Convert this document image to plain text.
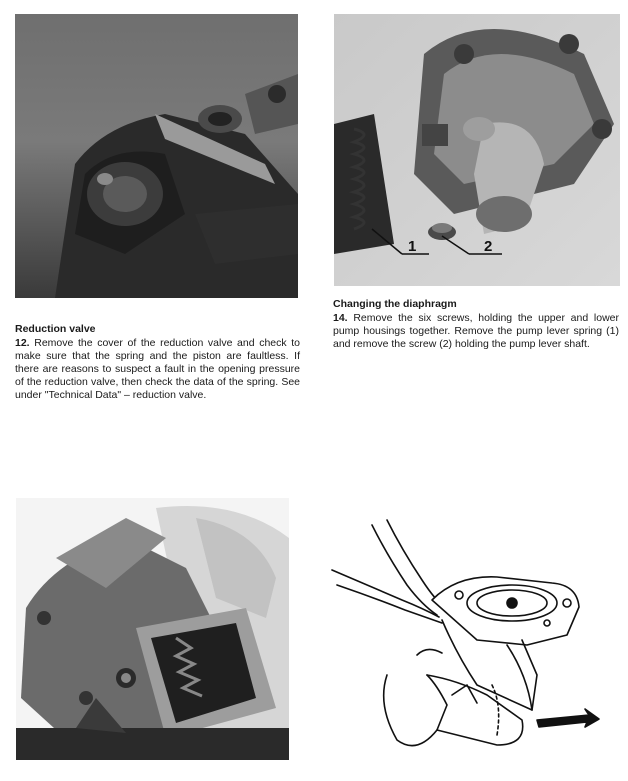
1	2
Reduction valve

12. Remove the cover of the reduction valve and check to make sure that the spring and the piston are faultless. If there are reasons to suspect a fault in the opening pressure of the reduction valve, then check the data of the spring. See under "Technical Data" – reduction valve.

Changing the diaphragm

14. Remove the six screws, holding the upper and lower pump housings together. Remove the pump lever spring (1) and remove the screw (2) holding the pump lever shaft.
